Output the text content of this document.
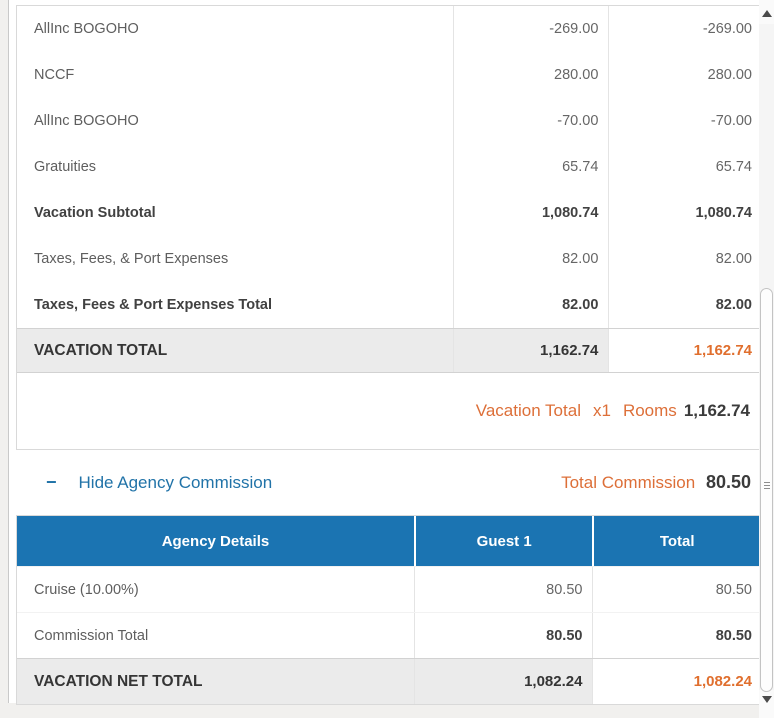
AllInc BOGOHO	-269.00	-269.00
NCCF	280.00	280.00
AllInc BOGOHO	-70.00	-70.00
Gratuities	65.74	65.74
Vacation Subtotal	1,080.74	1,080.74
Taxes, Fees, & Port Expenses	82.00	82.00
Taxes, Fees & Port Expenses Total	82.00	82.00
VACATION TOTAL	1,162.74	1,162.74
Vacation Total x1 Rooms 1,162.74
− Hide Agency Commission	Total Commission 80.50
Agency Details	Guest 1	Total
Cruise (10.00%)	80.50	80.50
Commission Total	80.50	80.50
VACATION NET TOTAL	1,082.24	1,082.24
